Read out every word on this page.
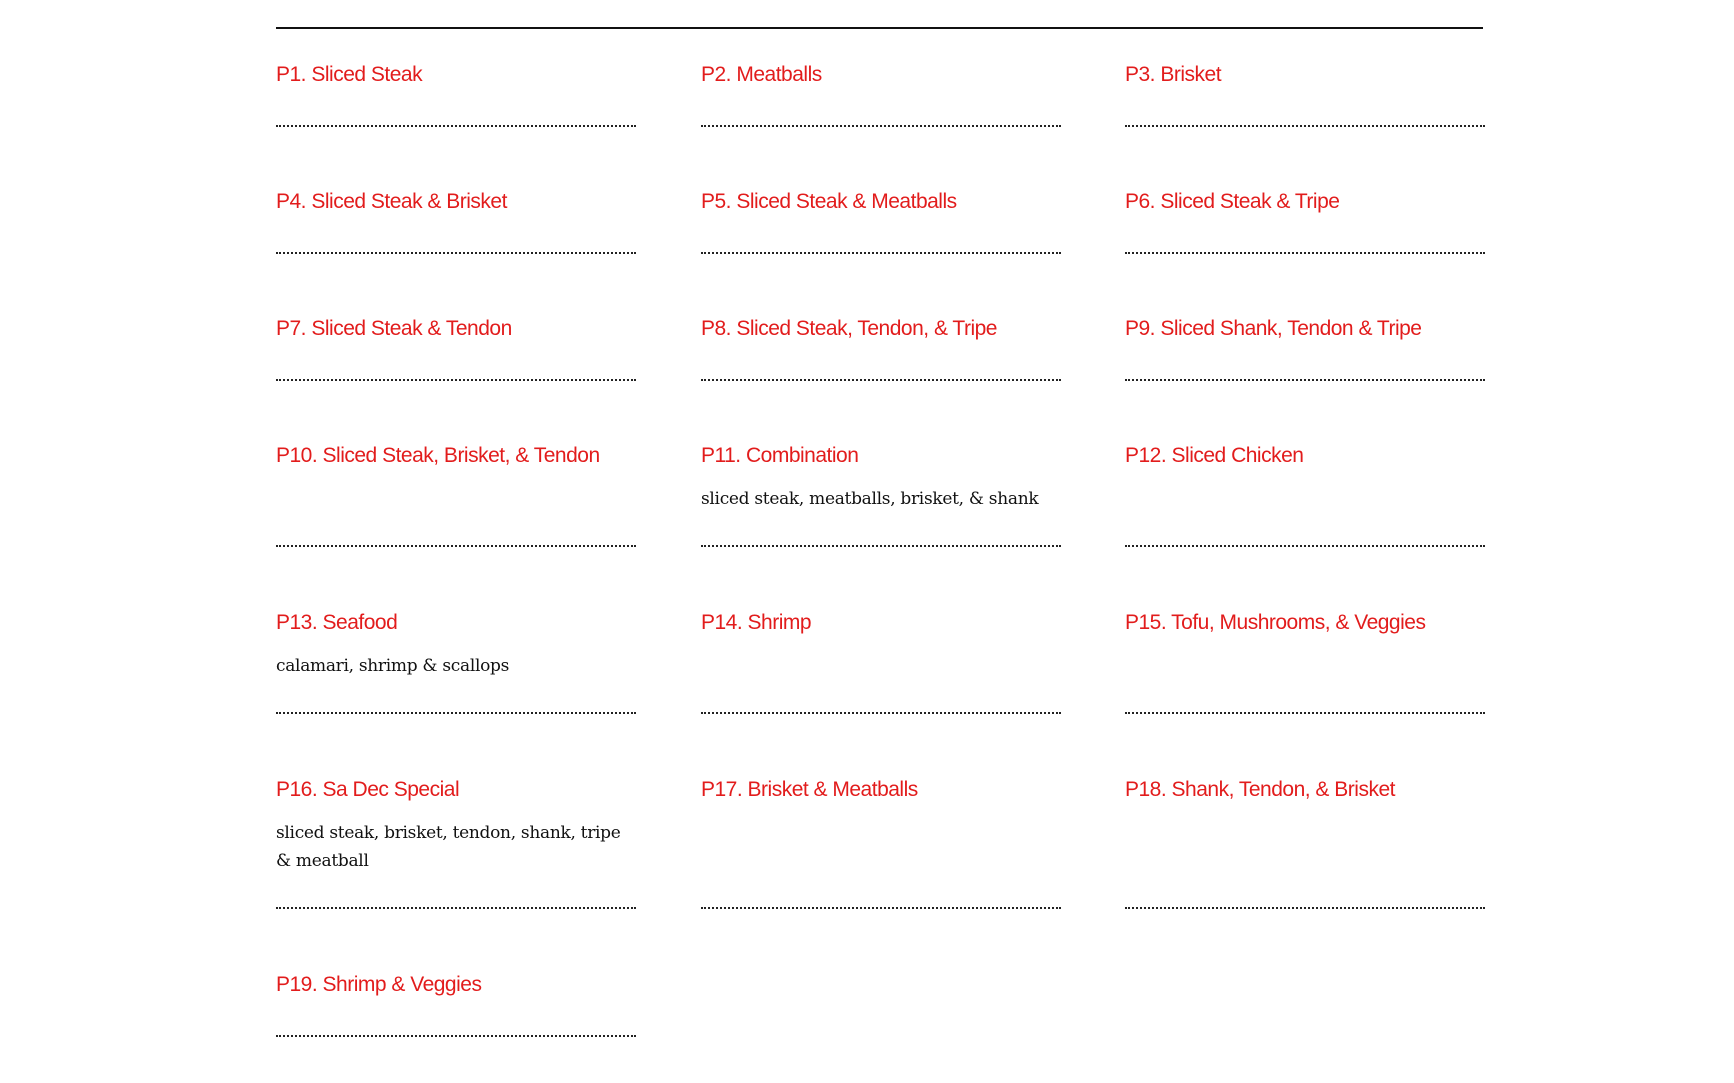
P1. Sliced Steak	P2. Meatballs	P3. Brisket
P4. Sliced Steak & Brisket	P5. Sliced Steak & Meatballs	P6. Sliced Steak & Tripe
P7. Sliced Steak & Tendon	P8. Sliced Steak, Tendon, & Tripe	P9. Sliced Shank, Tendon & Tripe
P10. Sliced Steak, Brisket, & Tendon	P11. Combination
sliced steak, meatballs, brisket, & shank
P12. Sliced Chicken
P13. Seafood
calamari, shrimp & scallops
P14. Shrimp	P15. Tofu, Mushrooms, & Veggies
P16. Sa Dec Special
sliced steak, brisket, tendon, shank, tripe & meatball
P17. Brisket & Meatballs	P18. Shank, Tendon, & Brisket
P19. Shrimp & Veggies
